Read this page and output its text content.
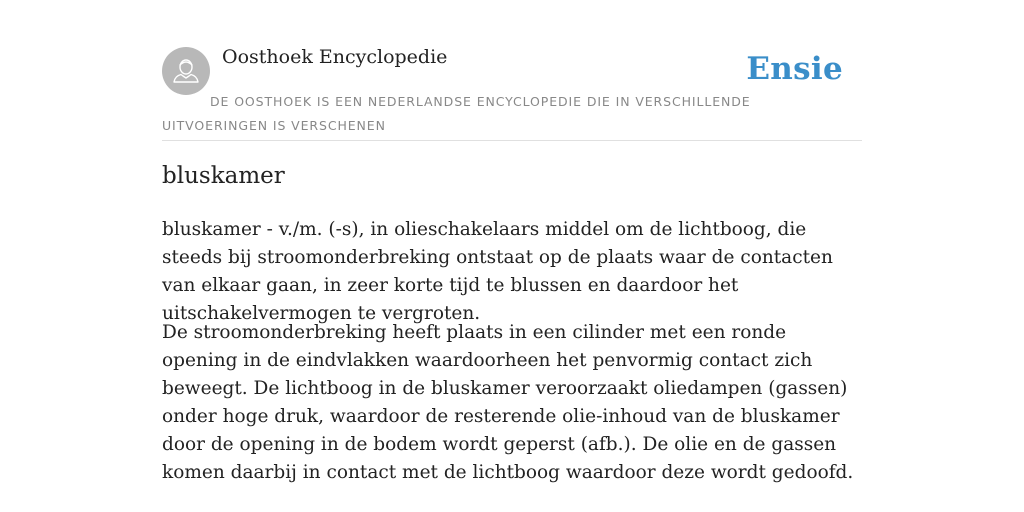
Oosthoek Encyclopedie	Ensie
DE OOSTHOEK IS EEN NEDERLANDSE ENCYCLOPEDIE DIE IN VERSCHILLENDE UITVOERINGEN IS VERSCHENEN
bluskamer

bluskamer - v./m. (-s), in olieschakelaars middel om de lichtboog, die steeds bij stroomonderbreking ontstaat op de plaats waar de contacten van elkaar gaan, in zeer korte tijd te blussen en daardoor het uitschakelvermogen te vergroten.

De stroomonderbreking heeft plaats in een cilinder met een ronde opening in de eindvlakken waardoorheen het penvormig contact zich beweegt. De lichtboog in de bluskamer veroorzaakt oliedampen (gassen) onder hoge druk, waardoor de resterende olie-inhoud van de bluskamer door de opening in de bodem wordt geperst (afb.). De olie en de gassen komen daarbij in contact met de lichtboog waardoor deze wordt gedoofd.
